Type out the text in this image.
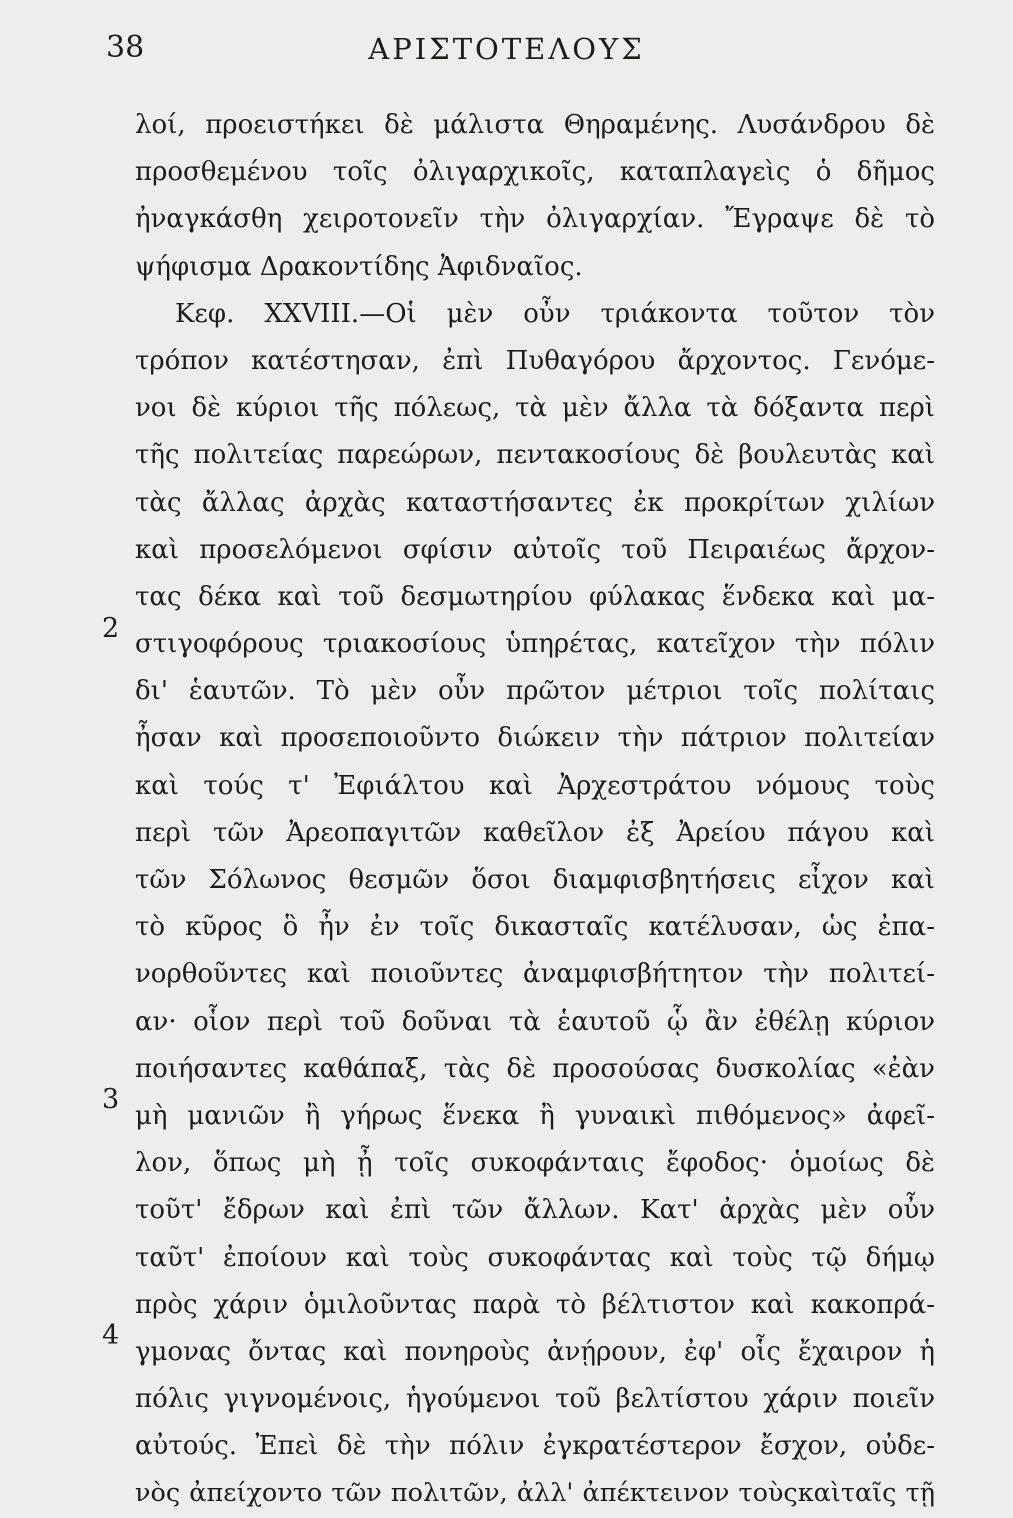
38	ΑΡΙΣΤΟΤΕΛΟΥΣ
2
3
4
λοί, προειστήκει δὲ μάλιστα Θηραμένης. Λυσάνδρου δὲ
προσθεμένου τοῖς ὀλιγαρχικοῖς, καταπλαγεὶς ὁ δῆμος
ἠναγκάσθη χειροτονεῖν τὴν ὀλιγαρχίαν. Ἔγραψε δὲ τὸ
ψήφισμα Δρακοντίδης Ἀφιδναῖος.
Κεφ. XXVIII.—Οἱ μὲν οὖν τριάκοντα τοῦτον τὸν
τρόπον κατέστησαν, ἐπὶ Πυθαγόρου ἄρχοντος. Γενόμε-
νοι δὲ κύριοι τῆς πόλεως, τὰ μὲν ἄλλα τὰ δόξαντα περὶ
τῆς πολιτείας παρεώρων, πεντακοσίους δὲ βουλευτὰς καὶ
τὰς ἄλλας ἀρχὰς καταστήσαντες ἐκ προκρίτων χιλίων
καὶ προσελόμενοι σφίσιν αὐτοῖς τοῦ Πειραιέως ἄρχον-
τας δέκα καὶ τοῦ δεσμωτηρίου φύλακας ἕνδεκα καὶ μα-
στιγοφόρους τριακοσίους ὑπηρέτας, κατεῖχον τὴν πόλιν
δι' ἑαυτῶν. Τὸ μὲν οὖν πρῶτον μέτριοι τοῖς πολίταις
ἦσαν καὶ προσεποιοῦντο διώκειν τὴν πάτριον πολιτείαν
καὶ τούς τ' Ἐφιάλτου καὶ Ἀρχεστράτου νόμους τοὺς
περὶ τῶν Ἀρεοπαγιτῶν καθεῖλον ἐξ Ἀρείου πάγου καὶ
τῶν Σόλωνος θεσμῶν ὅσοι διαμφισβητήσεις εἶχον καὶ
τὸ κῦρος ὃ ἦν ἐν τοῖς δικασταῖς κατέλυσαν, ὡς ἐπα-
νορθοῦντες καὶ ποιοῦντες ἀναμφισβήτητον τὴν πολιτεί-
αν· οἷον περὶ τοῦ δοῦναι τὰ ἑαυτοῦ ᾧ ἂν ἐθέλῃ κύριον
ποιήσαντες καθάπαξ, τὰς δὲ προσούσας δυσκολίας «ἐὰν
μὴ μανιῶν ἢ γήρως ἕνεκα ἢ γυναικὶ πιθόμενος» ἀφεῖ-
λον, ὅπως μὴ ᾖ τοῖς συκοφάνταις ἔφοδος· ὁμοίως δὲ
τοῦτ' ἔδρων καὶ ἐπὶ τῶν ἄλλων. Κατ' ἀρχὰς μὲν οὖν
ταῦτ' ἐποίουν καὶ τοὺς συκοφάντας καὶ τοὺς τῷ δήμῳ
πρὸς χάριν ὁμιλοῦντας παρὰ τὸ βέλτιστον καὶ κακοπρά-
γμονας ὄντας καὶ πονηροὺς ἀνῄρουν, ἐφ' οἷς ἔχαιρον ἡ
πόλις γιγνομένοις, ἡγούμενοι τοῦ βελτίστου χάριν ποιεῖν
αὐτούς. Ἐπεὶ δὲ τὴν πόλιν ἐγκρατέστερον ἔσχον, οὐδε-
νὸς ἀπείχοντο τῶν πολιτῶν, ἀλλ' ἀπέκτεινον τοὺςκαὶταῖς τῇ
